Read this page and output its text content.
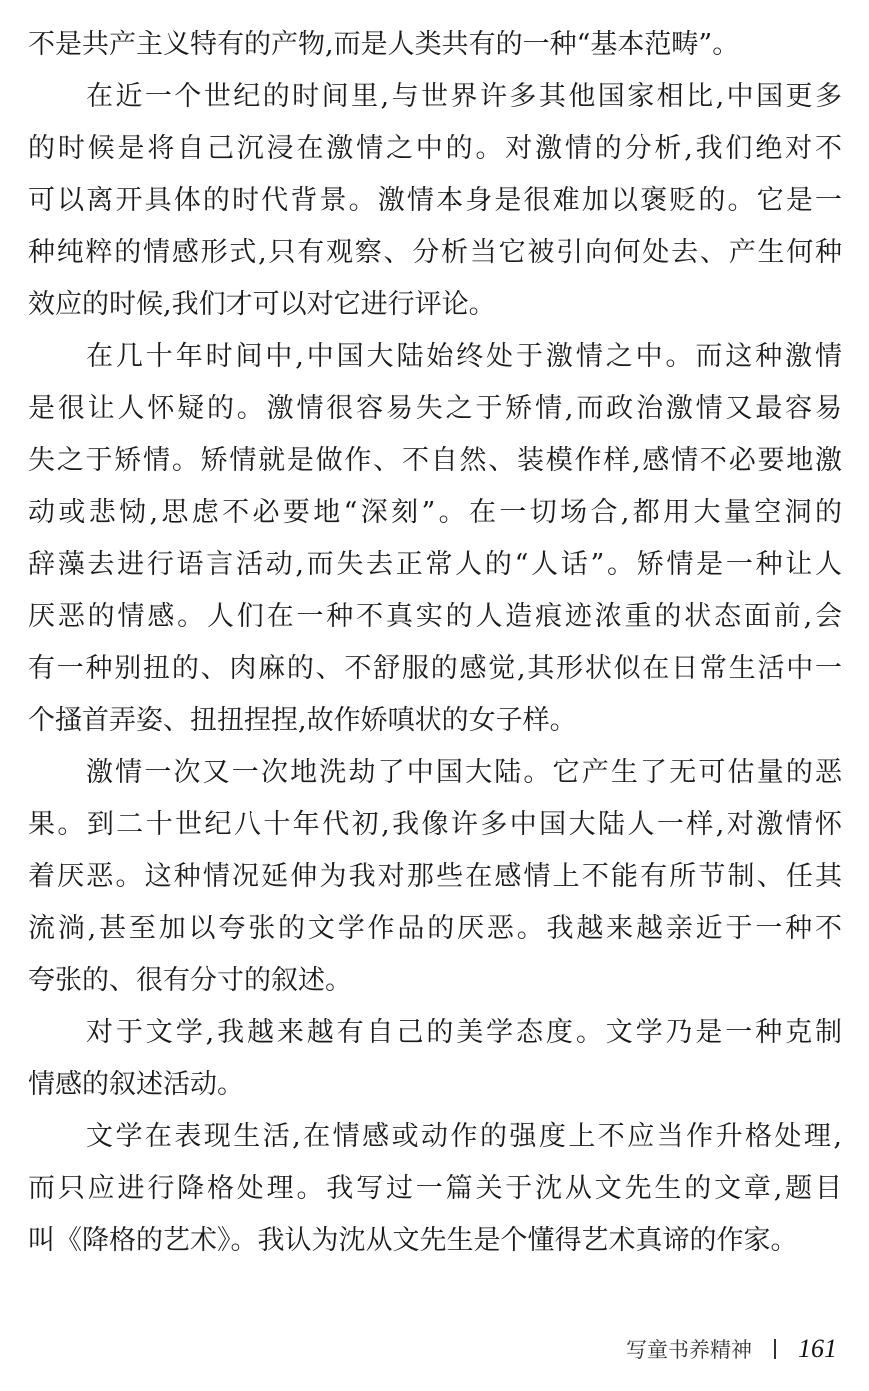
不是共产主义特有的产物,而是人类共有的一种“基本范畴”。
在近一个世纪的时间里,与世界许多其他国家相比,中国更多
的时候是将自己沉浸在激情之中的。对激情的分析,我们绝对不
可以离开具体的时代背景。激情本身是很难加以褒贬的。它是一
种纯粹的情感形式,只有观察、分析当它被引向何处去、产生何种
效应的时候,我们才可以对它进行评论。
在几十年时间中,中国大陆始终处于激情之中。而这种激情
是很让人怀疑的。激情很容易失之于矫情,而政治激情又最容易
失之于矫情。矫情就是做作、不自然、装模作样,感情不必要地激
动或悲恸,思虑不必要地“深刻”。在一切场合,都用大量空洞的
辞藻去进行语言活动,而失去正常人的“人话”。矫情是一种让人
厌恶的情感。人们在一种不真实的人造痕迹浓重的状态面前,会
有一种别扭的、肉麻的、不舒服的感觉,其形状似在日常生活中一
个搔首弄姿、扭扭捏捏,故作娇嗔状的女子样。
激情一次又一次地洗劫了中国大陆。它产生了无可估量的恶
果。到二十世纪八十年代初,我像许多中国大陆人一样,对激情怀
着厌恶。这种情况延伸为我对那些在感情上不能有所节制、任其
流淌,甚至加以夸张的文学作品的厌恶。我越来越亲近于一种不
夸张的、很有分寸的叙述。
对于文学,我越来越有自己的美学态度。文学乃是一种克制
情感的叙述活动。
文学在表现生活,在情感或动作的强度上不应当作升格处理,
而只应进行降格处理。我写过一篇关于沈从文先生的文章,题目
叫《降格的艺术》。我认为沈从文先生是个懂得艺术真谛的作家。
写童书养精神 161
